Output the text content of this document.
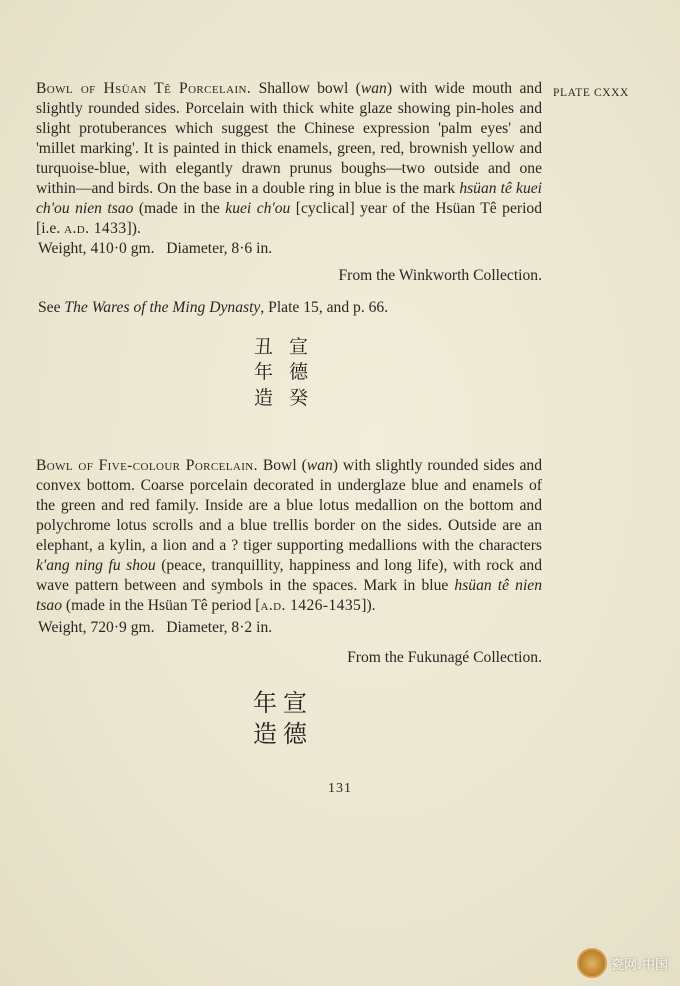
PLATE CXXX

Bowl of Hsüan Tê Porcelain. Shallow bowl (wan) with wide mouth and slightly rounded sides. Porcelain with thick white glaze showing pin-holes and slight protuberances which suggest the Chinese expression 'palm eyes' and 'millet marking'. It is painted in thick enamels, green, red, brownish yellow and turquoise-blue, with elegantly drawn prunus boughs—two outside and one within—and birds. On the base in a double ring in blue is the mark hsüan tê kuei ch'ou nien tsao (made in the kuei ch'ou [cyclical] year of the Hsüan Tê period [i.e. a.d. 1433]).

Weight, 410·0 gm.   Diameter, 8·6 in.

From the Winkworth Collection.

See The Wares of the Ming Dynasty, Plate 15, and p. 66.

宣
德
癸
丑
年
造

Bowl of Five-colour Porcelain. Bowl (wan) with slightly rounded sides and convex bottom. Coarse porcelain decorated in underglaze blue and enamels of the green and red family. Inside are a blue lotus medallion on the bottom and polychrome lotus scrolls and a blue trellis border on the sides. Outside are an elephant, a kylin, a lion and a ? tiger supporting medallions with the characters k'ang ning fu shou (peace, tranquillity, happiness and long life), with rock and wave pattern between and symbols in the spaces. Mark in blue hsüan tê nien tsao (made in the Hsüan Tê period [a.d. 1426-1435]).

Weight, 720·9 gm.   Diameter, 8·2 in.

From the Fukunagé Collection.

宣
德
年
造
131
瓷网.中国
